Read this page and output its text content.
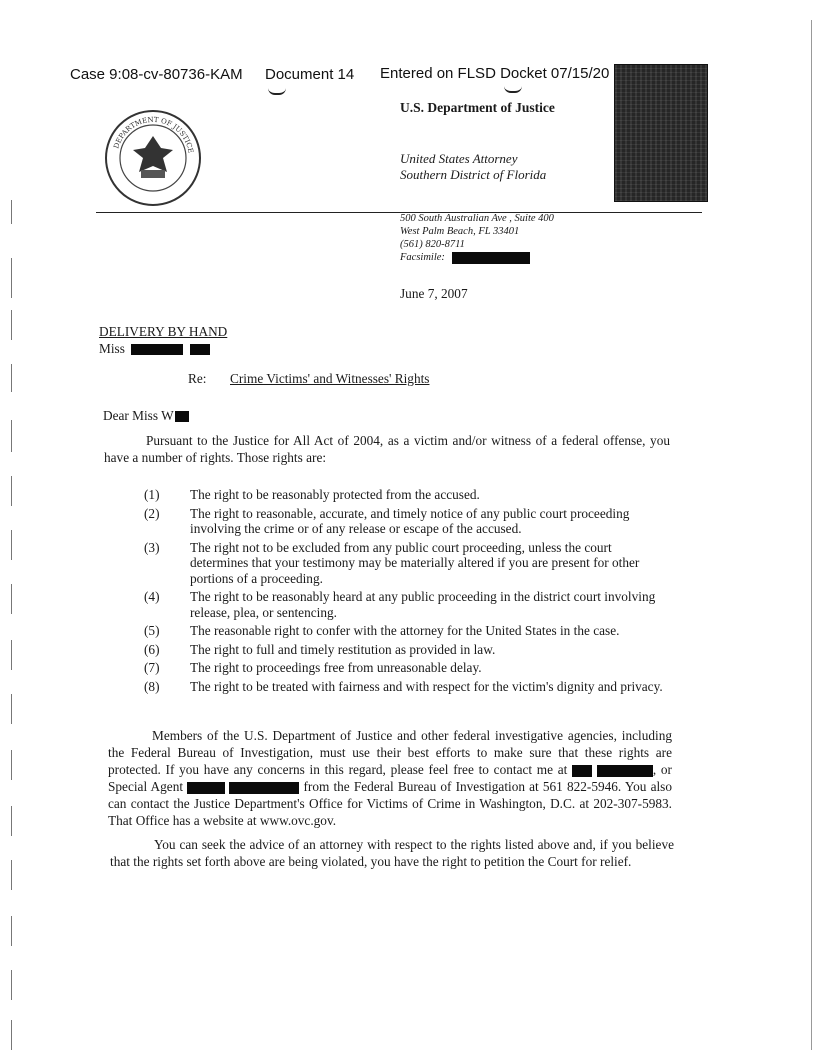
Case 9:08-cv-80736-KAM Document 14 Entered on FLSD Docket 07/15/20
DEPARTMENT OF JUSTICE
U.S. Department of Justice
United States Attorney
Southern District of Florida
500 South Australian Ave , Suite 400
West Palm Beach, FL 33401
(561) 820-8711
Facsimile:
June 7, 2007
DELIVERY BY HAND
Miss
Re: Crime Victims' and Witnesses' Rights
Dear Miss W
Pursuant to the Justice for All Act of 2004, as a victim and/or witness of a federal offense, you have a number of rights. Those rights are:
(1) The right to be reasonably protected from the accused.
(2) The right to reasonable, accurate, and timely notice of any public court proceeding involving the crime or of any release or escape of the accused.
(3) The right not to be excluded from any public court proceeding, unless the court determines that your testimony may be materially altered if you are present for other portions of a proceeding.
(4) The right to be reasonably heard at any public proceeding in the district court involving release, plea, or sentencing.
(5) The reasonable right to confer with the attorney for the United States in the case.
(6) The right to full and timely restitution as provided in law.
(7) The right to proceedings free from unreasonable delay.
(8) The right to be treated with fairness and with respect for the victim's dignity and privacy.
Members of the U.S. Department of Justice and other federal investigative agencies, including the Federal Bureau of Investigation, must use their best efforts to make sure that these rights are protected. If you have any concerns in this regard, please feel free to contact me at	, or Special Agent	from the Federal Bureau of Investigation at 561 822-5946. You also can contact the Justice Department's Office for Victims of Crime in Washington, D.C. at 202-307-5983. That Office has a website at www.ovc.gov.
You can seek the advice of an attorney with respect to the rights listed above and, if you believe that the rights set forth above are being violated, you have the right to petition the Court for relief.
